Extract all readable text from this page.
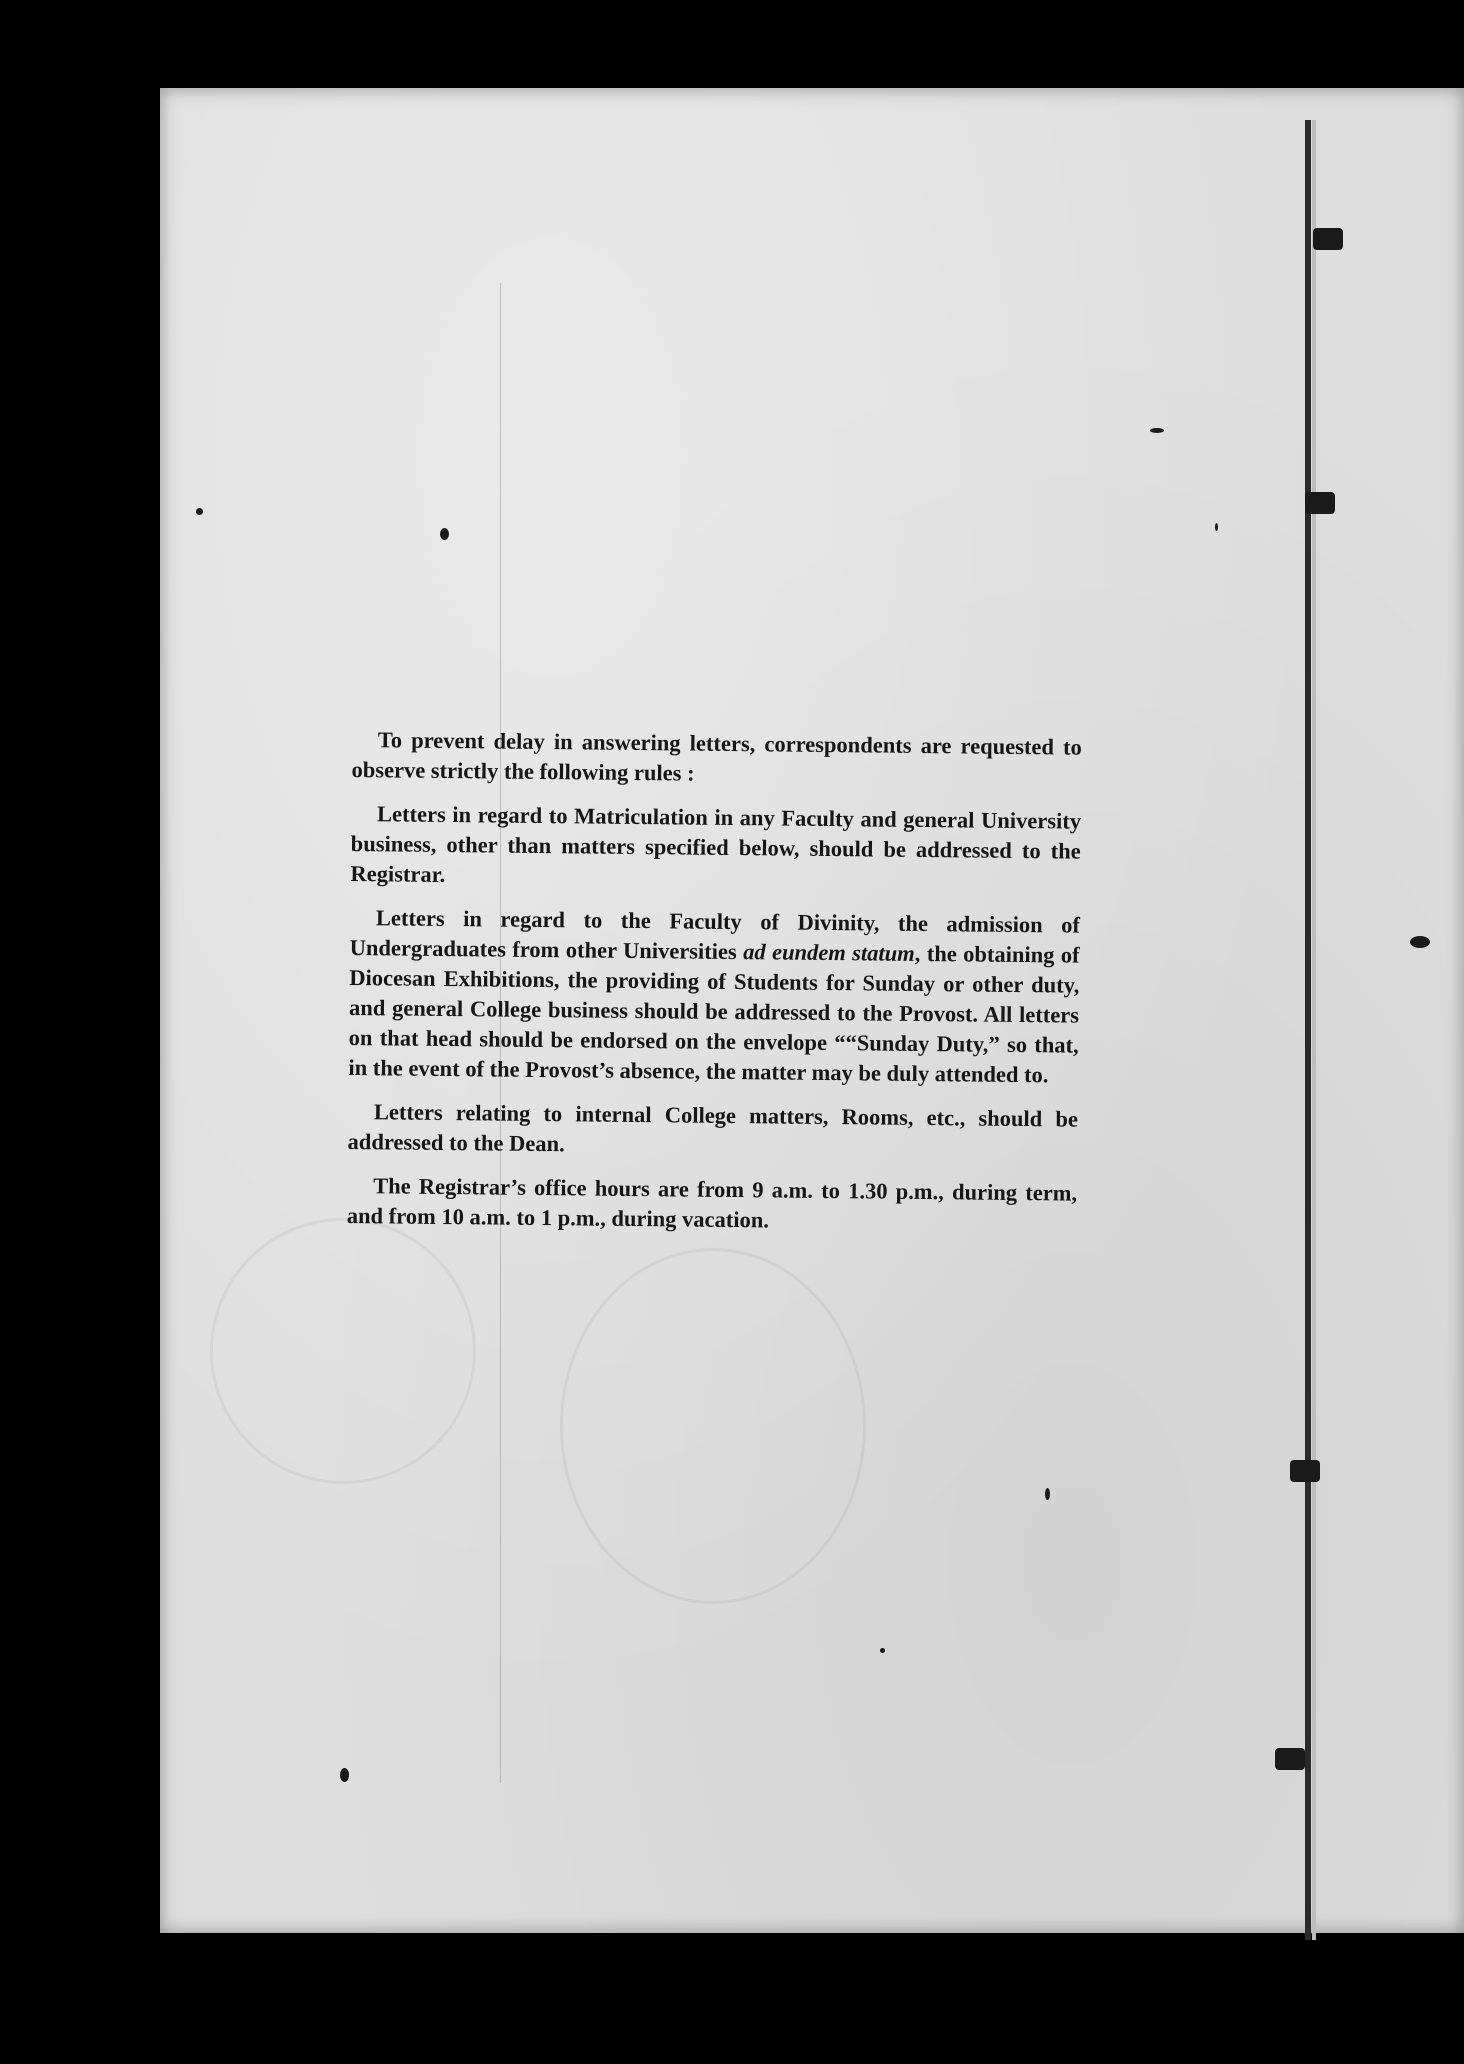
To prevent delay in answering letters, correspondents are requested to observe strictly the following rules :

Letters in regard to Matriculation in any Faculty and general University business, other than matters specified below, should be addressed to the Registrar.

Letters in regard to the Faculty of Divinity, the admission of Undergraduates from other Universities ad eundem statum, the obtaining of Diocesan Exhibitions, the providing of Students for Sunday or other duty, and general College business should be addressed to the Provost. All letters on that head should be endorsed on the envelope ““Sunday Duty,” so that, in the event of the Provost’s absence, the matter may be duly attended to.

Letters relating to internal College matters, Rooms, etc., should be addressed to the Dean.

The Registrar’s office hours are from 9 a.m. to 1.30 p.m., during term, and from 10 a.m. to 1 p.m., during vacation.
